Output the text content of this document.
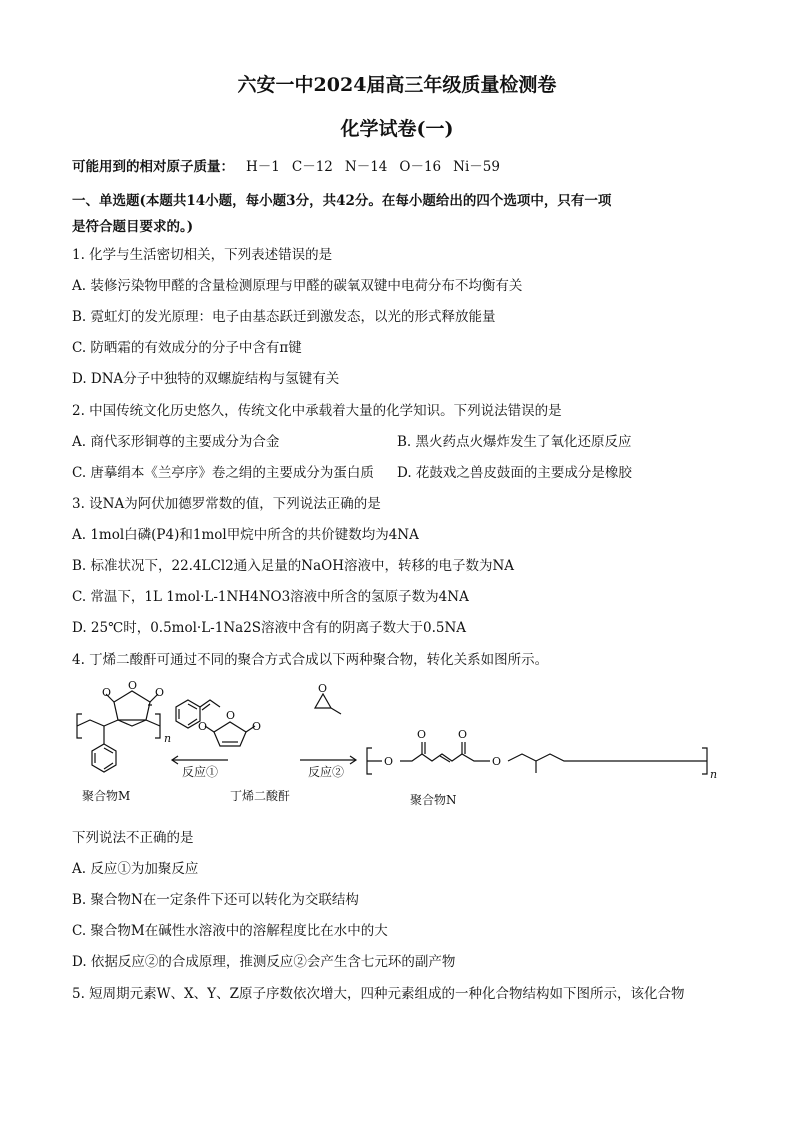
六安一中2024届高三年级质量检测卷
化学试卷(一)
可能用到的相对原子质量： H－1 C－12 N－14 O－16 Ni－59
一、单选题(本题共14小题，每小题3分，共42分。在每小题给出的四个选项中，只有一项
是符合题目要求的。)
1. 化学与生活密切相关，下列表述错误的是
A. 装修污染物甲醛的含量检测原理与甲醛的碳氧双键中电荷分布不均衡有关
B. 霓虹灯的发光原理：电子由基态跃迁到激发态，以光的形式释放能量
C. 防晒霜的有效成分的分子中含有π键
D. DNA分子中独特的双螺旋结构与氢键有关
2. 中国传统文化历史悠久，传统文化中承载着大量的化学知识。下列说法错误的是
A. 商代豕形铜尊的主要成分为合金	B. 黑火药点火爆炸发生了氧化还原反应
C. 唐摹绢本《兰亭序》卷之绢的主要成分为蛋白质 D. 花鼓戏之兽皮鼓面的主要成分是橡胶
3. 设NA为阿伏加德罗常数的值，下列说法正确的是
A. 1mol白磷(P4)和1mol甲烷中所含的共价键数均为4NA
B. 标准状况下，22.4LCl2通入足量的NaOH溶液中，转移的电子数为NA
C. 常温下，1L 1mol·L-1NH4NO3溶液中所含的氢原子数为4NA
D. 25℃时，0.5mol·L-1Na2S溶液中含有的阴离子数大于0.5NA
4. 丁烯二酸酐可通过不同的聚合方式合成以下两种聚合物，转化关系如图所示。
O	O
O
n
O	O
O
O
O
O	O
O
n
反应①	反应②
聚合物M	丁烯二酸酐	聚合物N
下列说法不正确的是
A. 反应①为加聚反应
B. 聚合物N在一定条件下还可以转化为交联结构
C. 聚合物M在碱性水溶液中的溶解程度比在水中的大
D. 依据反应②的合成原理，推测反应②会产生含七元环的副产物
5. 短周期元素W、X、Y、Z原子序数依次增大，四种元素组成的一种化合物结构如下图所示，该化合物
